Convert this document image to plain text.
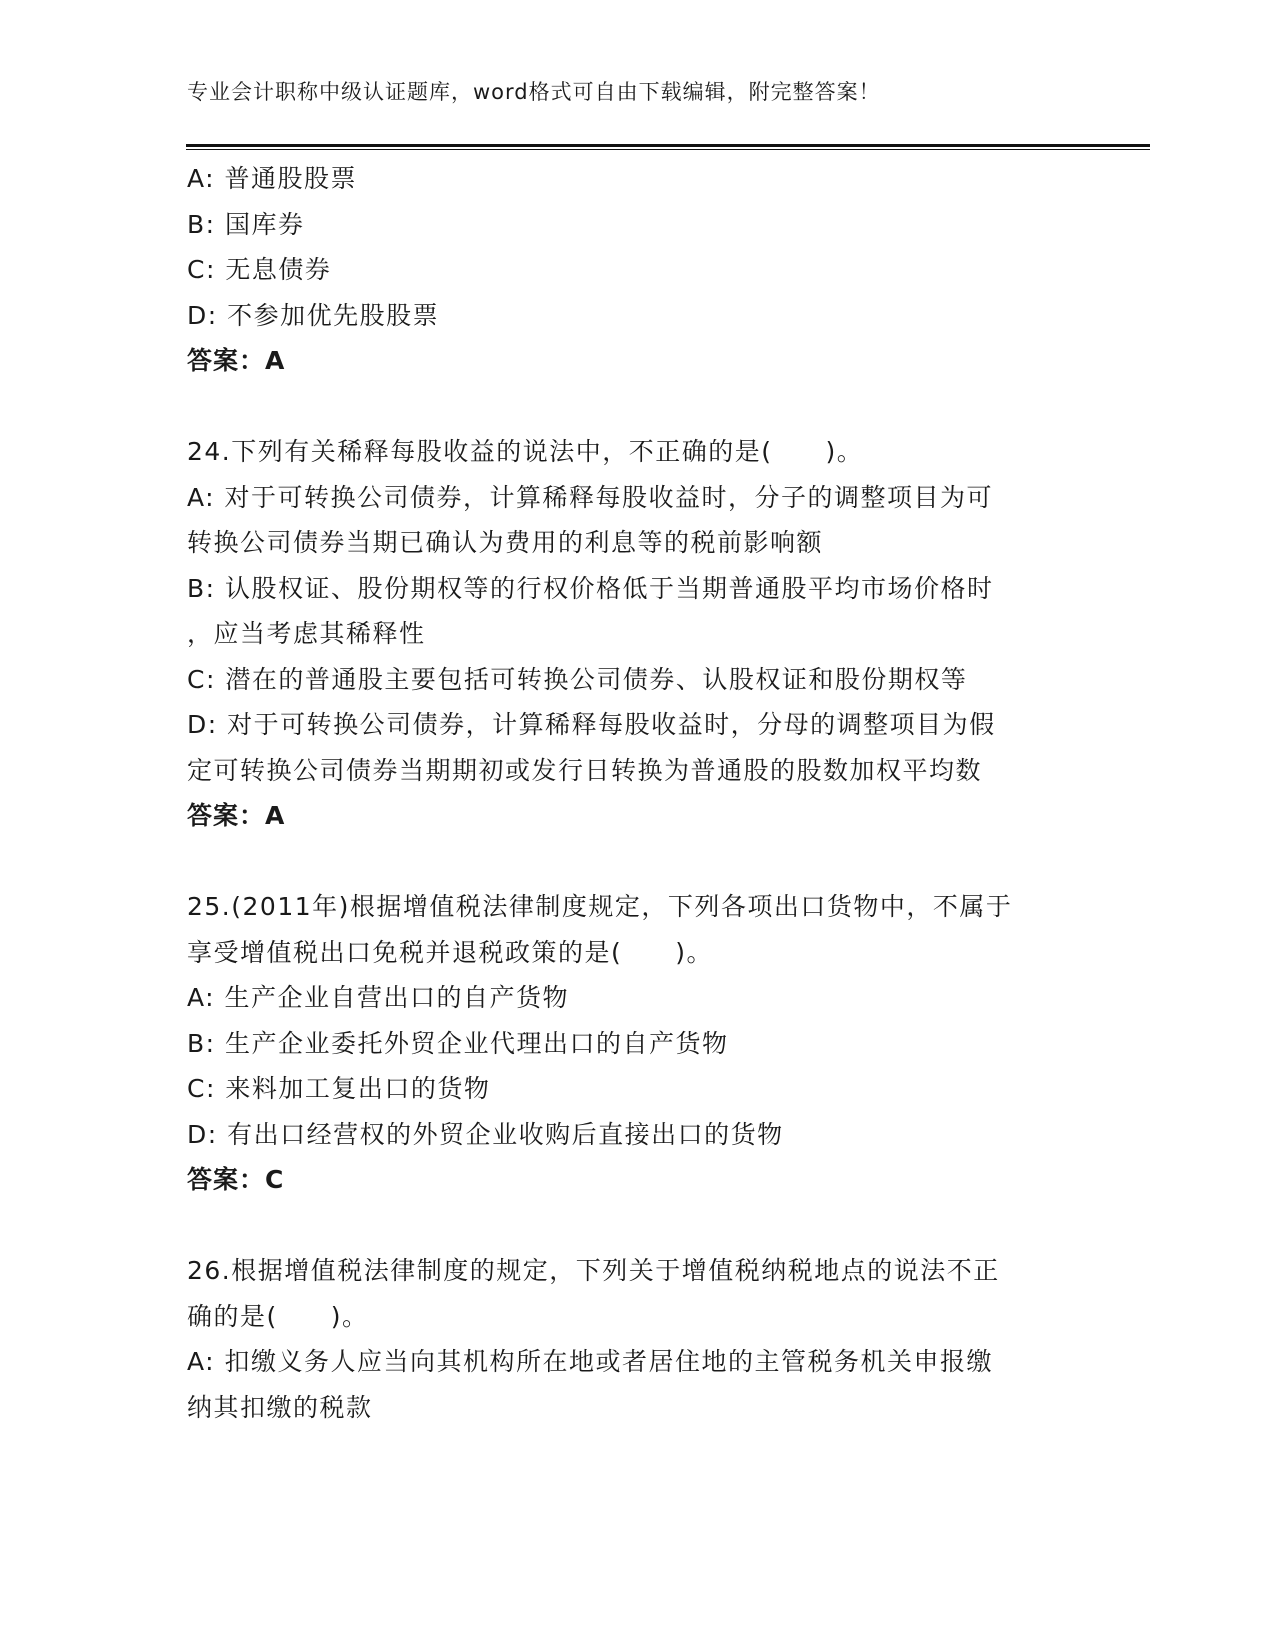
专业会计职称中级认证题库，word格式可自由下载编辑，附完整答案！
A: 普通股股票
B: 国库券
C: 无息债券
D: 不参加优先股股票
答案：A
24.下列有关稀释每股收益的说法中，不正确的是(　　)。
A: 对于可转换公司债券，计算稀释每股收益时，分子的调整项目为可
转换公司债券当期已确认为费用的利息等的税前影响额
B: 认股权证、股份期权等的行权价格低于当期普通股平均市场价格时
，应当考虑其稀释性
C: 潜在的普通股主要包括可转换公司债券、认股权证和股份期权等
D: 对于可转换公司债券，计算稀释每股收益时，分母的调整项目为假
定可转换公司债券当期期初或发行日转换为普通股的股数加权平均数
答案：A
25.(2011年)根据增值税法律制度规定，下列各项出口货物中，不属于
享受增值税出口免税并退税政策的是(　　)。
A: 生产企业自营出口的自产货物
B: 生产企业委托外贸企业代理出口的自产货物
C: 来料加工复出口的货物
D: 有出口经营权的外贸企业收购后直接出口的货物
答案：C
26.根据增值税法律制度的规定，下列关于增值税纳税地点的说法不正
确的是(　　)。
A: 扣缴义务人应当向其机构所在地或者居住地的主管税务机关申报缴
纳其扣缴的税款
